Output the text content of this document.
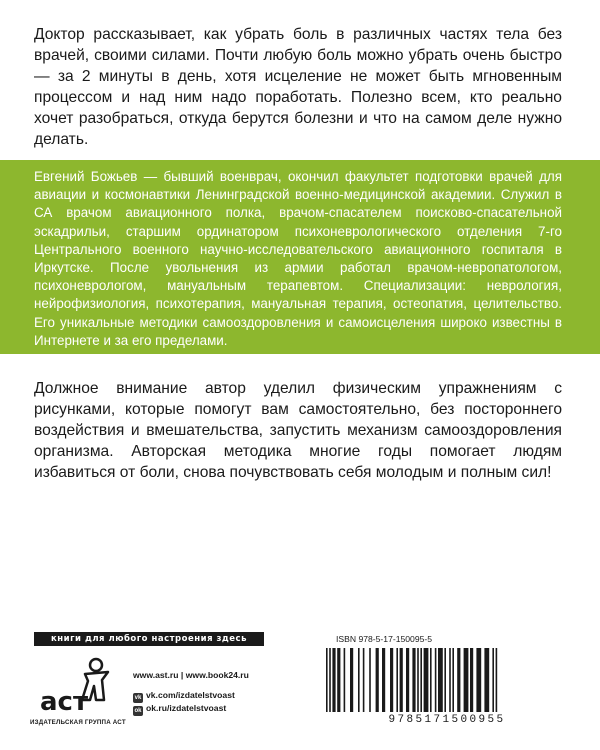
Доктор рассказывает, как убрать боль в различных частях тела без врачей, своими силами. Почти любую боль можно убрать очень быстро — за 2 минуты в день, хотя исцеление не может быть мгновенным процессом и над ним надо поработать. Полезно всем, кто реально хочет разобраться, откуда берутся болезни и что на самом деле нужно делать.

Евгений Божьев — бывший военврач, окончил факультет подготовки врачей для авиации и космонавтики Ленинградской военно-медицинской академии. Служил в СА врачом авиационного полка, врачом-спасателем поисково-спасательной эскадрильи, старшим ординатором психоневрологического отделения 7-го Центрального военного научно-исследовательского авиационного госпиталя в Иркутске. После увольнения из армии работал врачом-невропатологом, психоневрологом, мануальным терапевтом. Специализации: неврология, нейрофизиология, психотерапия, мануальная терапия, остеопатия, целительство. Его уникальные методики самооздоровления и самоисцеления широко известны в Интернете и за его пределами.

Должное внимание автор уделил физическим упражнениям с рисунками, которые помогут вам самостоятельно, без постороннего воздействия и вмешательства, запустить механизм самооздоровления организма. Авторская методика многие годы помогает людям избавиться от боли, снова почувствовать себя молодым и полным сил!

книги для любого настроения здесь
аст
ИЗДАТЕЛЬСКАЯ ГРУППА АСТ
www.ast.ru | www.book24.ru
vk vk.com/izdatelstvoast
ok ok.ru/izdatelstvoast
ISBN 978-5-17-150095-5
9785171500955
